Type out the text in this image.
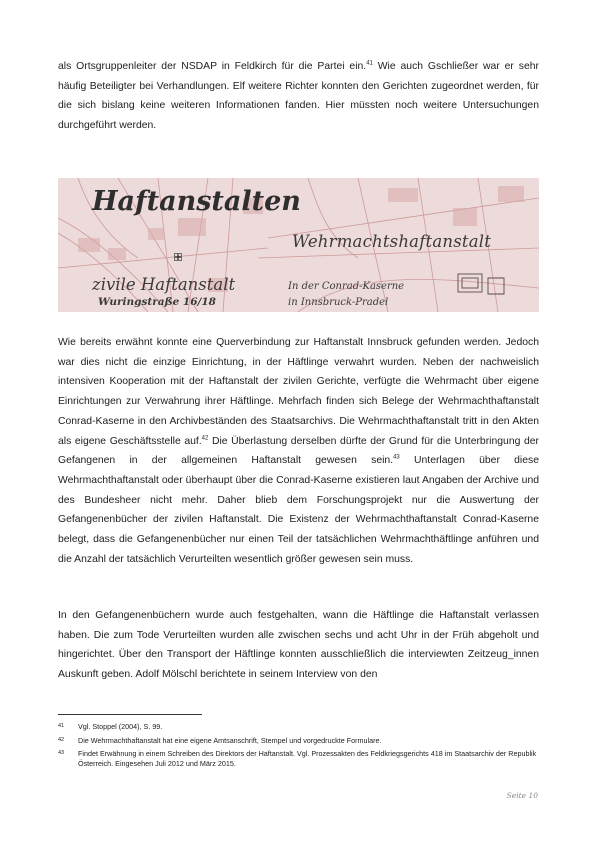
als Ortsgruppenleiter der NSDAP in Feldkirch für die Partei ein.$^{41}$ Wie auch Gschließer war er sehr häufig Beteiligter bei Verhandlungen. Elf weitere Richter konnten den Gerichten zugeordnet werden, für die sich bislang keine weiteren Informationen fanden. Hier müssten noch weitere Untersuchungen durchgeführt werden.

Haftanstalten
Wehrmachtshaftanstalt
In der Conrad-Kaserne
in Innsbruck-Pradel
zivile Haftanstalt
Wuringstraße 16/18

Wie bereits erwähnt konnte eine Querverbindung zur Haftanstalt Innsbruck gefunden werden. Jedoch war dies nicht die einzige Einrichtung, in der Häftlinge verwahrt wurden. Neben der nachweislich intensiven Kooperation mit der Haftanstalt der zivilen Gerichte, verfügte die Wehrmacht über eigene Einrichtungen zur Verwahrung ihrer Häftlinge. Mehrfach finden sich Belege der Wehrmachthaftanstalt Conrad-Kaserne in den Archivbeständen des Staatsarchivs. Die Wehrmachthaftanstalt tritt in den Akten als eigene Geschäftsstelle auf.$^{42}$ Die Überlastung derselben dürfte der Grund für die Unterbringung der Gefangenen in der allgemeinen Haftanstalt gewesen sein.$^{43}$ Unterlagen über diese Wehrmachthaftanstalt oder überhaupt über die Conrad-Kaserne existieren laut Angaben der Archive und des Bundesheer nicht mehr. Daher blieb dem Forschungsprojekt nur die Auswertung der Gefangenenbücher der zivilen Haftanstalt. Die Existenz der Wehrmachthaftanstalt Conrad-Kaserne belegt, dass die Gefangenenbücher nur einen Teil der tatsächlichen Wehrmachthäftlinge anführen und die Anzahl der tatsächlich Verurteilten wesentlich größer gewesen sein muss.

In den Gefangenenbüchern wurde auch festgehalten, wann die Häftlinge die Haftanstalt verlassen haben. Die zum Tode Verurteilten wurden alle zwischen sechs und acht Uhr in der Früh abgeholt und hingerichtet. Über den Transport der Häftlinge konnten ausschließlich die interviewten Zeitzeug_innen Auskunft geben. Adolf Mölschl berichtete in seinem Interview von den

41 Vgl. Stoppel (2004), S. 99.
42 Die Wehrmachthaftanstalt hat eine eigene Amtsanschrift, Stempel und vorgedruckte Formulare.
43 Findet Erwähnung in einem Schreiben des Direktors der Haftanstalt. Vgl. Prozessakten des Feldkriegsgerichts 418 im Staatsarchiv der Republik Österreich. Eingesehen Juli 2012 und März 2015.
Seite 10
